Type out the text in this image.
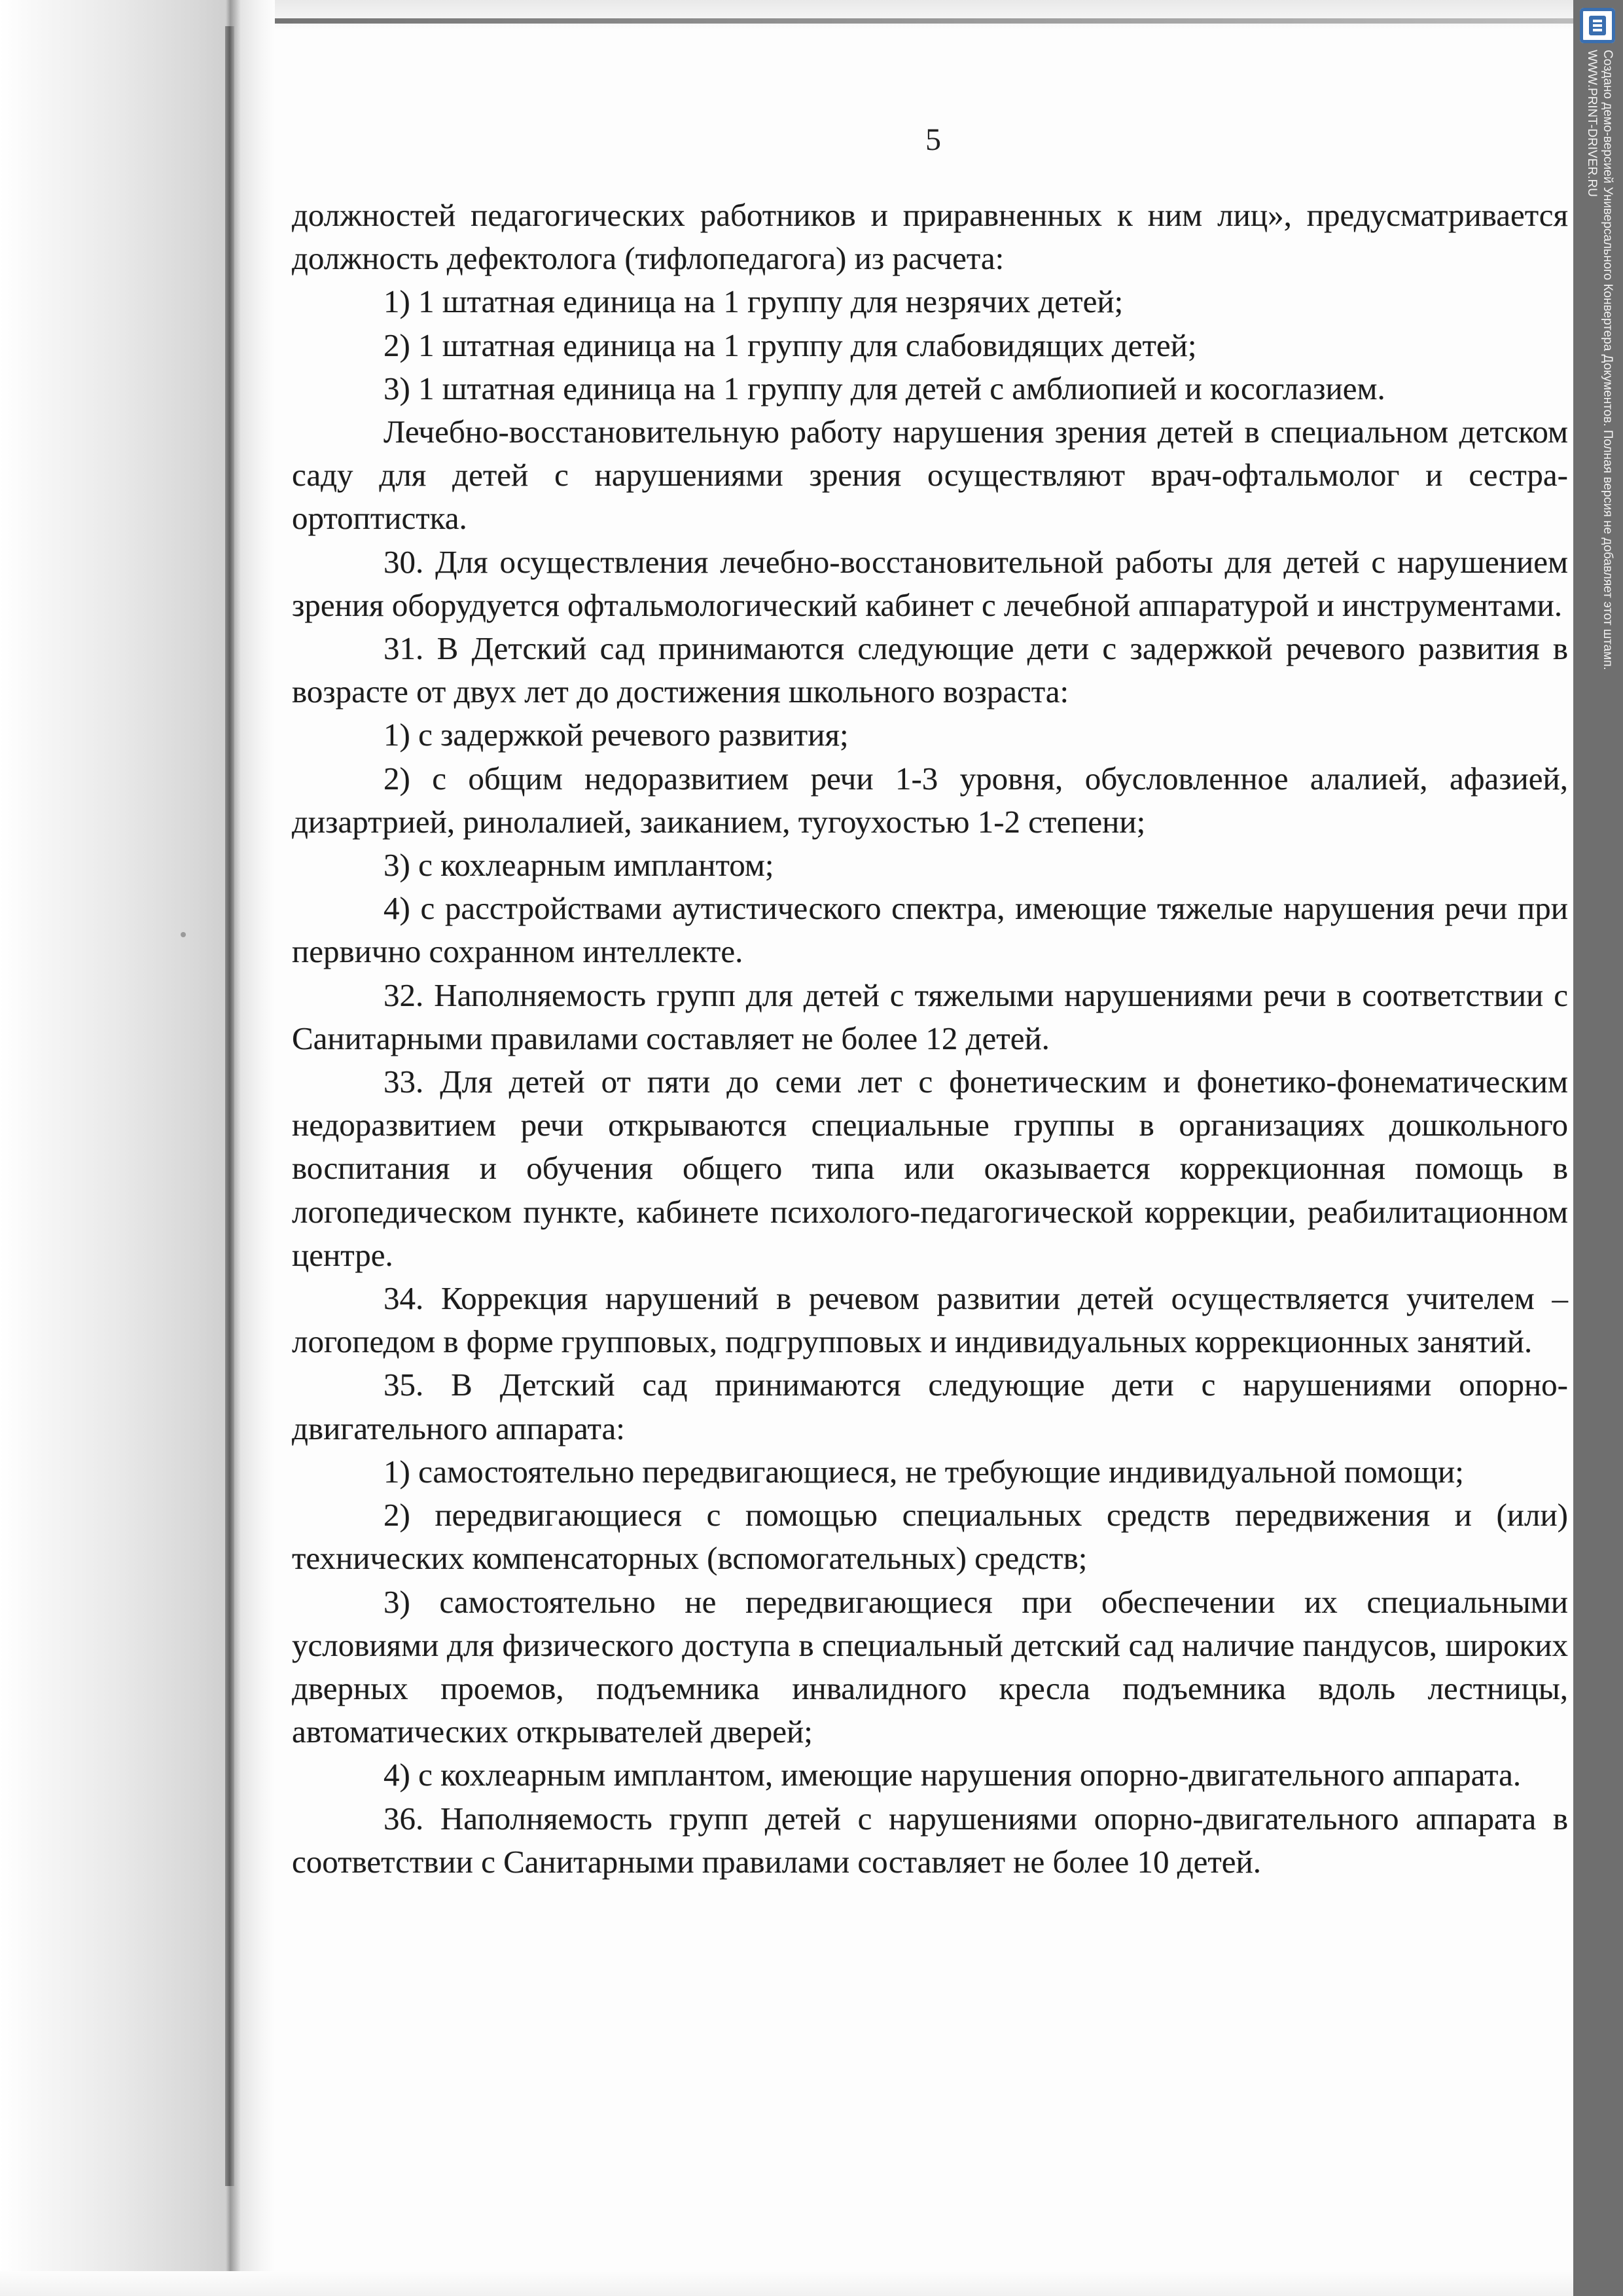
Создано демо-версией Универсального Конвертера Документов. Полная версия не добавляет этот штамп.
WWW.PRINT-DRIVER.RU
5

должностей педагогических работников и приравненных к ним лиц», предусматривается должность дефектолога (тифлопедагога) из расчета:

1) 1 штатная единица на 1 группу для незрячих детей;

2) 1 штатная единица на 1 группу для слабовидящих детей;

3) 1 штатная единица на 1 группу для детей с амблиопией и косоглазием.

Лечебно-восстановительную работу нарушения зрения детей в специальном детском саду для детей с нарушениями зрения осуществляют врач-офтальмолог и сестра-ортоптистка.

30. Для осуществления лечебно-восстановительной работы для детей с нарушением зрения оборудуется офтальмологический кабинет с лечебной аппаратурой и инструментами.

31. В Детский сад принимаются следующие дети с задержкой речевого развития в возрасте от двух лет до достижения школьного возраста:

1) с задержкой речевого развития;

2) с общим недоразвитием речи 1-3 уровня, обусловленное алалией, афазией, дизартрией, ринолалией, заиканием, тугоухостью 1-2 степени;

3) с кохлеарным имплантом;

4) с расстройствами аутистического спектра, имеющие тяжелые нарушения речи при первично сохранном интеллекте.

32. Наполняемость групп для детей с тяжелыми нарушениями речи в соответствии с Санитарными правилами составляет не более 12 детей.

33. Для детей от пяти до семи лет с фонетическим и фонетико-фонематическим недоразвитием речи открываются специальные группы в организациях дошкольного воспитания и обучения общего типа или оказывается коррекционная помощь в логопедическом пункте, кабинете психолого-педагогической коррекции, реабилитационном центре.

34. Коррекция нарушений в речевом развитии детей осуществляется учителем – логопедом в форме групповых, подгрупповых и индивидуальных коррекционных занятий.

35. В Детский сад принимаются следующие дети с нарушениями опорно-двигательного аппарата:

1) самостоятельно передвигающиеся, не требующие индивидуальной помощи;

2) передвигающиеся с помощью специальных средств передвижения и (или) технических компенсаторных (вспомогательных) средств;

3) самостоятельно не передвигающиеся при обеспечении их специальными условиями для физического доступа в специальный детский сад наличие пандусов, широких дверных проемов, подъемника инвалидного кресла подъемника вдоль лестницы, автоматических открывателей дверей;

4) с кохлеарным имплантом, имеющие нарушения опорно-двигательного аппарата.

36. Наполняемость групп детей с нарушениями опорно-двигательного аппарата в соответствии с Санитарными правилами составляет не более 10 детей.
